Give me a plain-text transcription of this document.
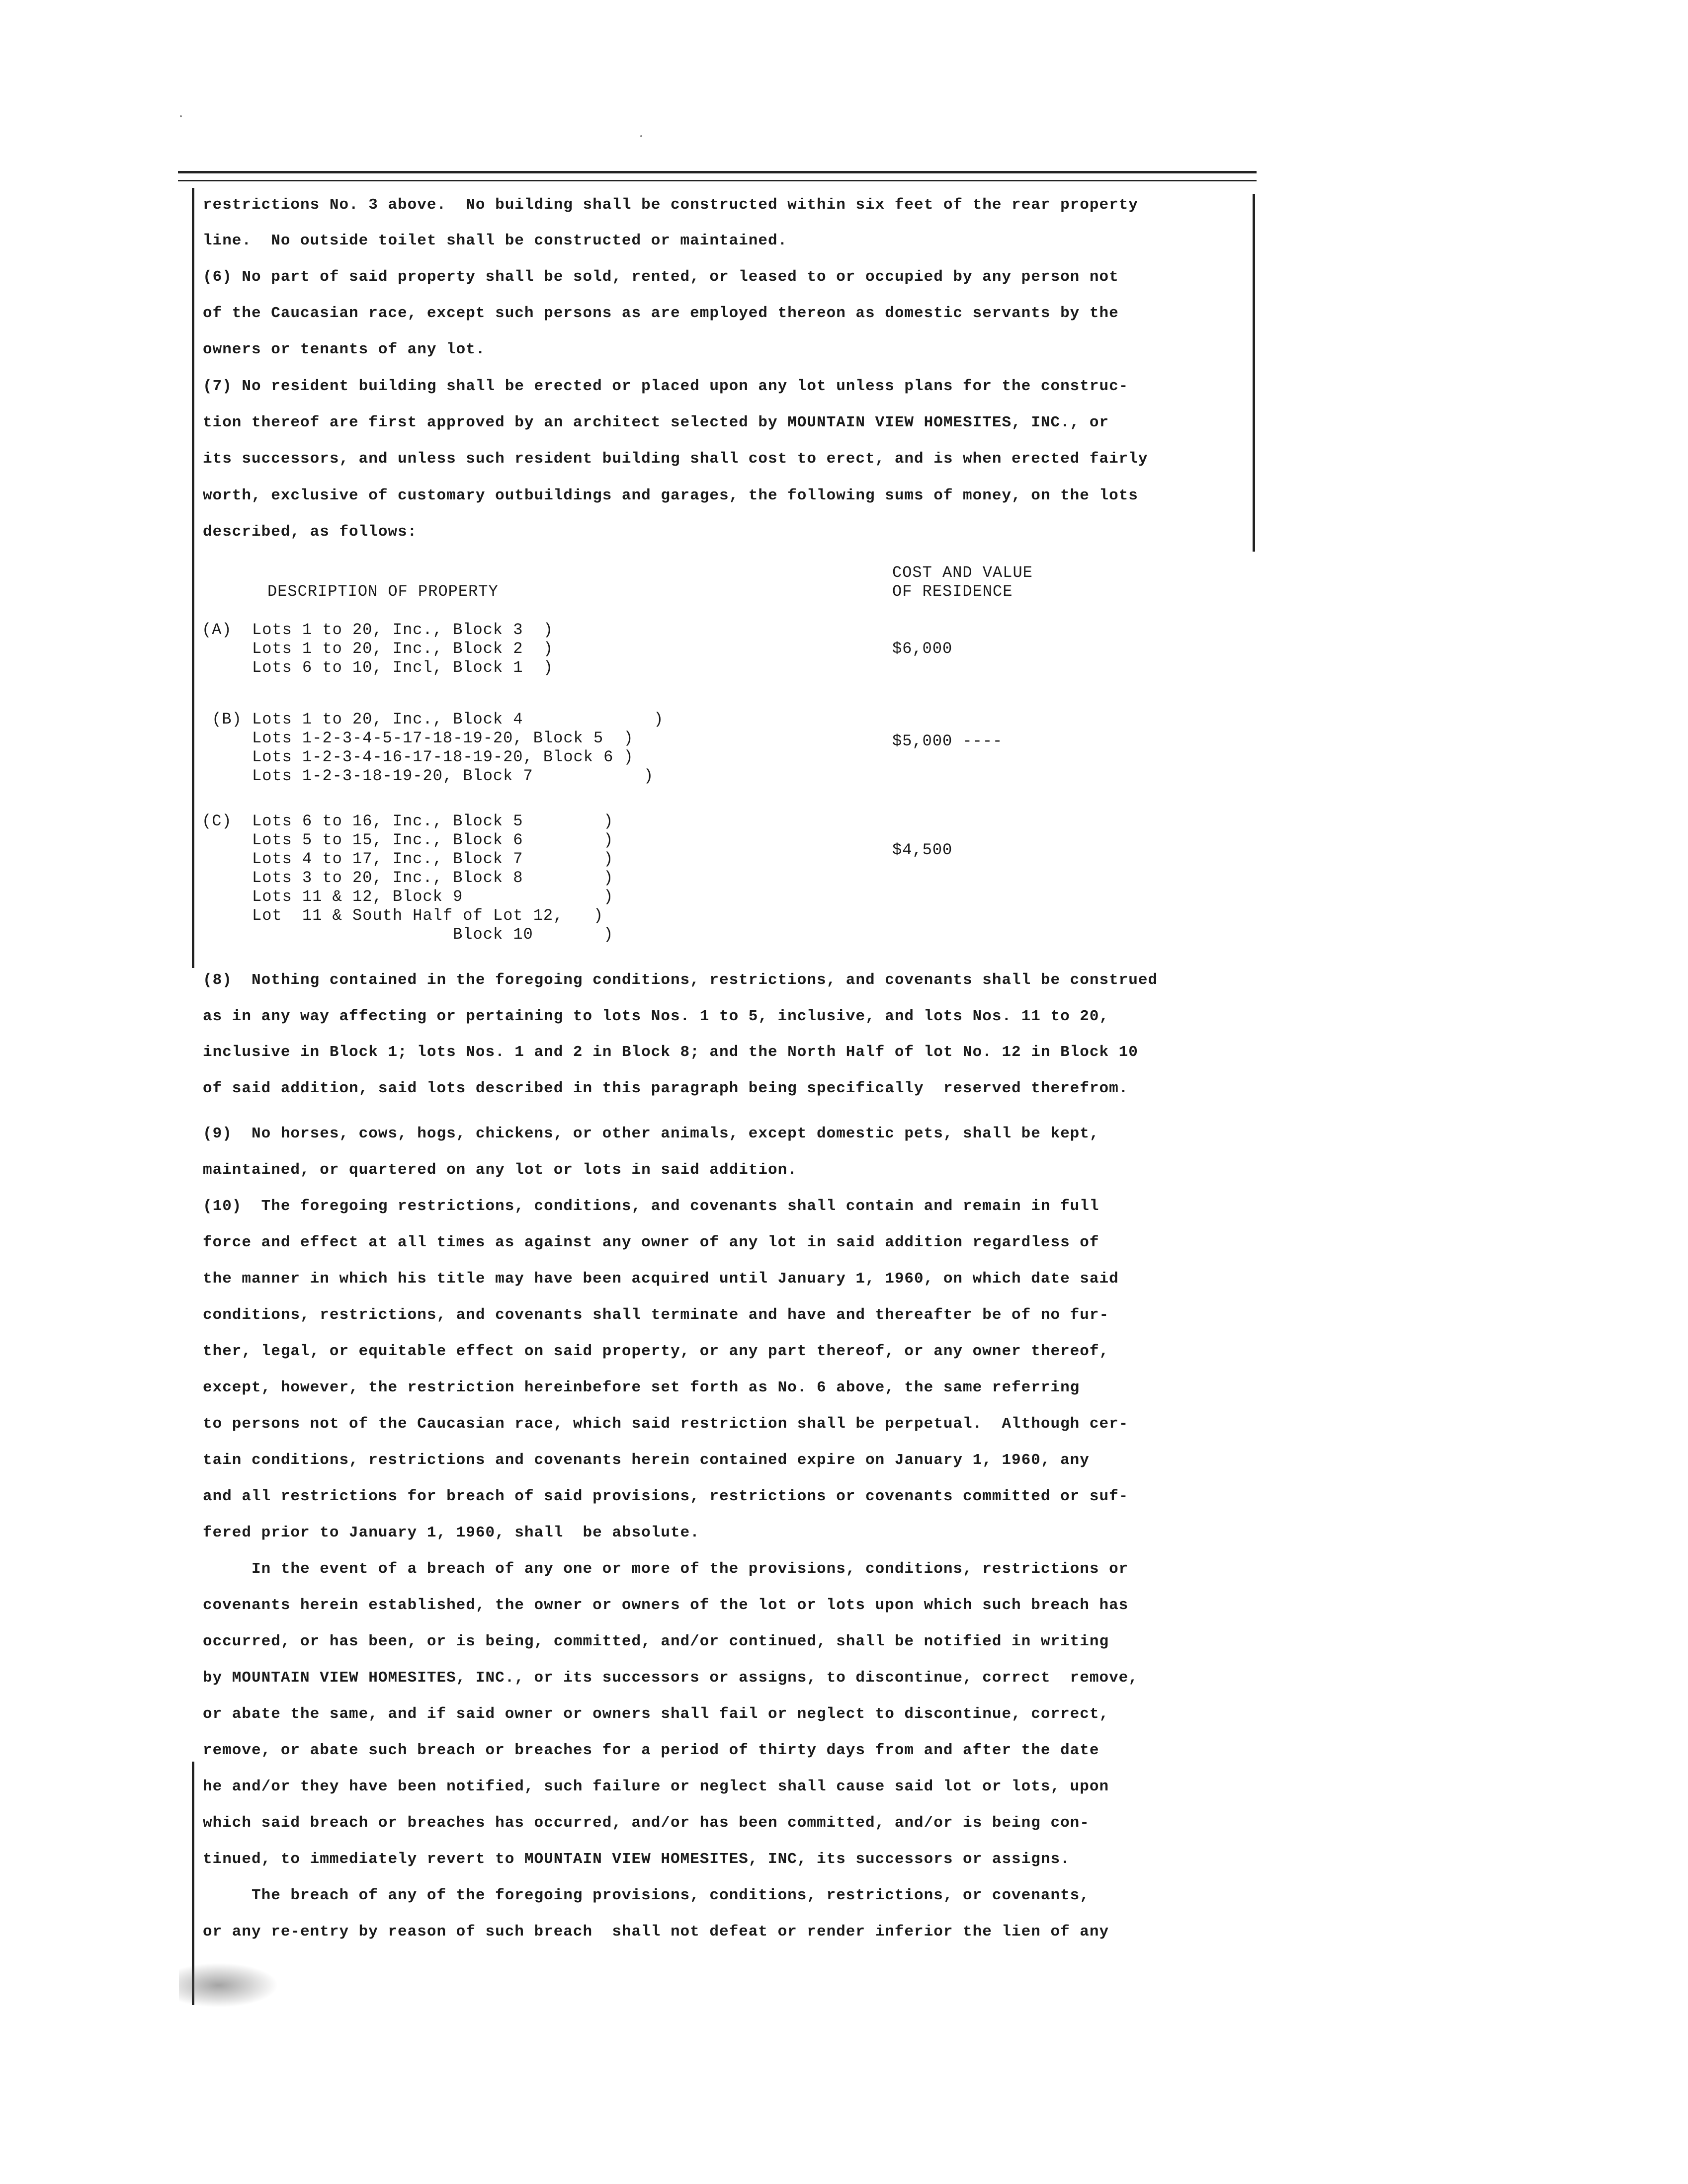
restrictions No. 3 above.  No building shall be constructed within six feet of the rear property
line.  No outside toilet shall be constructed or maintained.
(6) No part of said property shall be sold, rented, or leased to or occupied by any person not
of the Caucasian race, except such persons as are employed thereon as domestic servants by the
owners or tenants of any lot.
(7) No resident building shall be erected or placed upon any lot unless plans for the construc-
tion thereof are first approved by an architect selected by MOUNTAIN VIEW HOMESITES, INC., or
its successors, and unless such resident building shall cost to erect, and is when erected fairly
worth, exclusive of customary outbuildings and garages, the following sums of money, on the lots
described, as follows:
COST AND VALUE
OF RESIDENCE
DESCRIPTION OF PROPERTY
(A)  Lots 1 to 20, Inc., Block 3  )
Lots 1 to 20, Inc., Block 2  )
Lots 6 to 10, Incl, Block 1  )
$6,000
(B) Lots 1 to 20, Inc., Block 4             )
Lots 1-2-3-4-5-17-18-19-20, Block 5  )
Lots 1-2-3-4-16-17-18-19-20, Block 6 )
Lots 1-2-3-18-19-20, Block 7           )
$5,000 ----
(C)  Lots 6 to 16, Inc., Block 5        )
Lots 5 to 15, Inc., Block 6        )
Lots 4 to 17, Inc., Block 7        )
Lots 3 to 20, Inc., Block 8        )
Lots 11 & 12, Block 9              )
Lot  11 & South Half of Lot 12,   )
Block 10       )
$4,500
(8)  Nothing contained in the foregoing conditions, restrictions, and covenants shall be construed
as in any way affecting or pertaining to lots Nos. 1 to 5, inclusive, and lots Nos. 11 to 20,
inclusive in Block 1; lots Nos. 1 and 2 in Block 8; and the North Half of lot No. 12 in Block 10
of said addition, said lots described in this paragraph being specifically  reserved therefrom.
(9)  No horses, cows, hogs, chickens, or other animals, except domestic pets, shall be kept,
maintained, or quartered on any lot or lots in said addition.
(10)  The foregoing restrictions, conditions, and covenants shall contain and remain in full
force and effect at all times as against any owner of any lot in said addition regardless of
the manner in which his title may have been acquired until January 1, 1960, on which date said
conditions, restrictions, and covenants shall terminate and have and thereafter be of no fur-
ther, legal, or equitable effect on said property, or any part thereof, or any owner thereof,
except, however, the restriction hereinbefore set forth as No. 6 above, the same referring
to persons not of the Caucasian race, which said restriction shall be perpetual.  Although cer-
tain conditions, restrictions and covenants herein contained expire on January 1, 1960, any
and all restrictions for breach of said provisions, restrictions or covenants committed or suf-
fered prior to January 1, 1960, shall  be absolute.
In the event of a breach of any one or more of the provisions, conditions, restrictions or
covenants herein established, the owner or owners of the lot or lots upon which such breach has
occurred, or has been, or is being, committed, and/or continued, shall be notified in writing
by MOUNTAIN VIEW HOMESITES, INC., or its successors or assigns, to discontinue, correct  remove,
or abate the same, and if said owner or owners shall fail or neglect to discontinue, correct,
remove, or abate such breach or breaches for a period of thirty days from and after the date
he and/or they have been notified, such failure or neglect shall cause said lot or lots, upon
which said breach or breaches has occurred, and/or has been committed, and/or is being con-
tinued, to immediately revert to MOUNTAIN VIEW HOMESITES, INC, its successors or assigns.
The breach of any of the foregoing provisions, conditions, restrictions, or covenants,
or any re-entry by reason of such breach  shall not defeat or render inferior the lien of any
